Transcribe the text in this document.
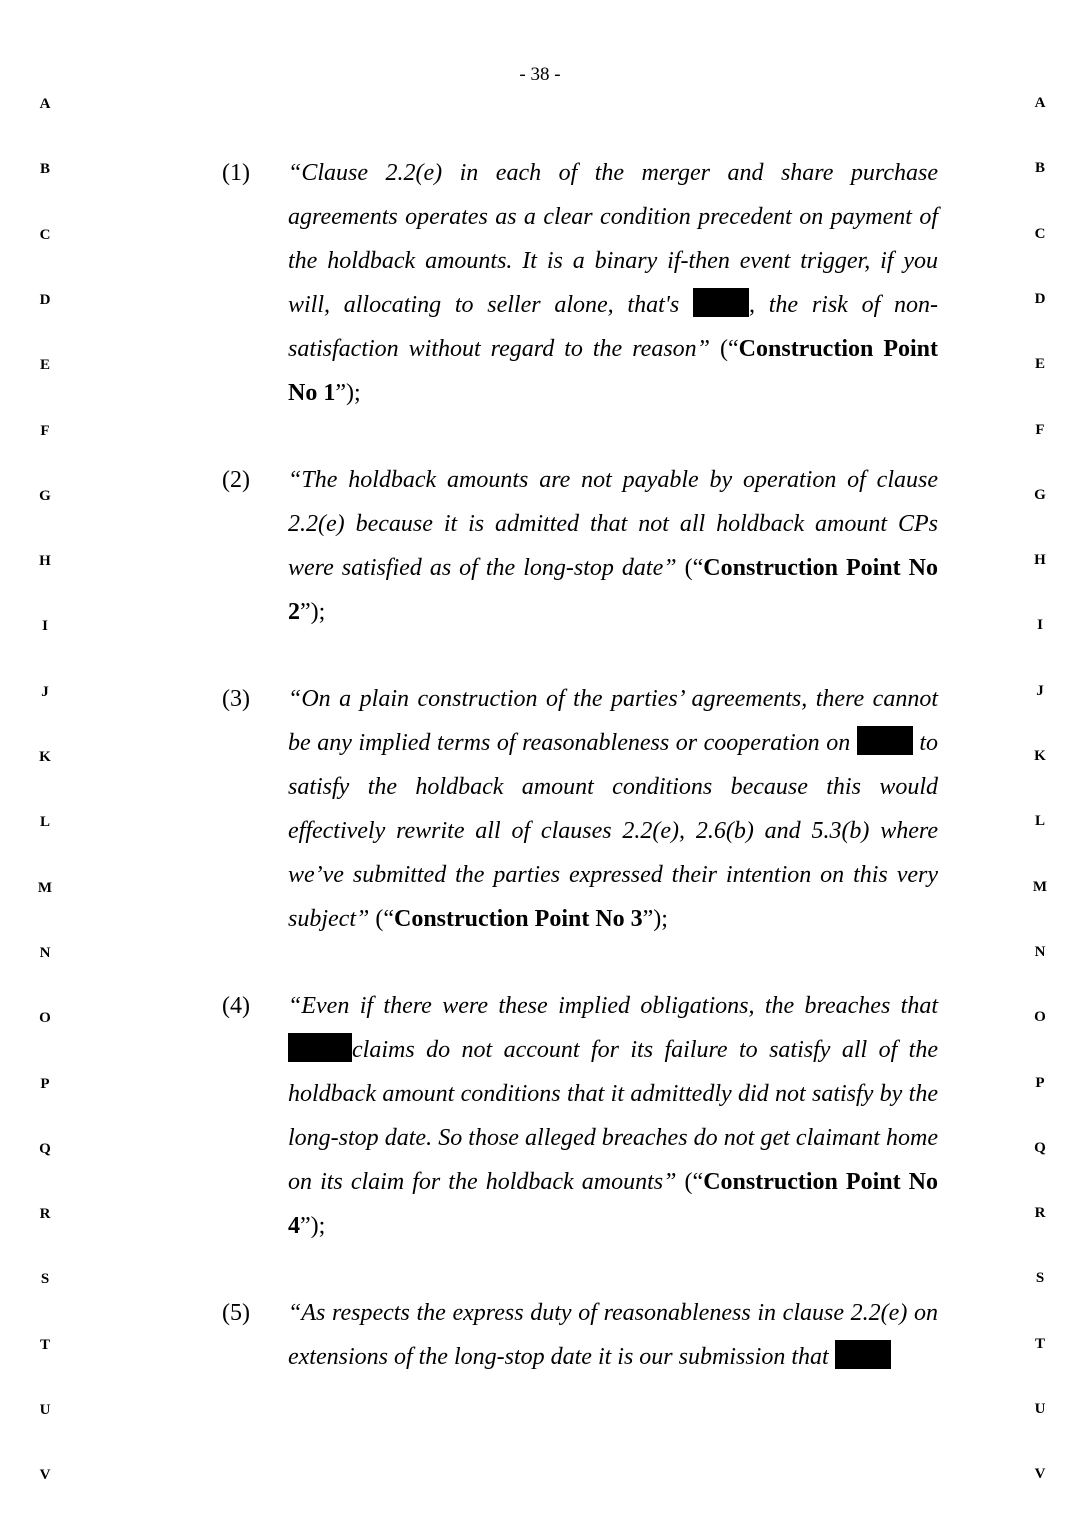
- 38 -
A
B
C
D
E
F
G
H
I
J
K
L
M
N
O
P
Q
R
S
T
U
V
A
B
C
D
E
F
G
H
I
J
K
L
M
N
O
P
Q
R
S
T
U
V
(1) “Clause 2.2(e) in each of the merger and share purchase agreements operates as a clear condition precedent on payment of the holdback amounts. It is a binary if-then event trigger, if you will, allocating to seller alone, that's , the risk of non-satisfaction without regard to the reason” (“Construction Point No 1”);
(2) “The holdback amounts are not payable by operation of clause 2.2(e) because it is admitted that not all holdback amount CPs were satisfied as of the long-stop date” (“Construction Point No 2”);
(3) “On a plain construction of the parties’ agreements, there cannot be any implied terms of reasonableness or cooperation on  to satisfy the holdback amount conditions because this would effectively rewrite all of clauses 2.2(e), 2.6(b) and 5.3(b) where we’ve submitted the parties expressed their intention on this very subject” (“Construction Point No 3”);
(4) “Even if there were these implied obligations, the breaches that claims do not account for its failure to satisfy all of the holdback amount conditions that it admittedly did not satisfy by the long-stop date. So those alleged breaches do not get claimant home on its claim for the holdback amounts” (“Construction Point No 4”);
(5) “As respects the express duty of reasonableness in clause 2.2(e) on extensions of the long-stop date it is our submission that
